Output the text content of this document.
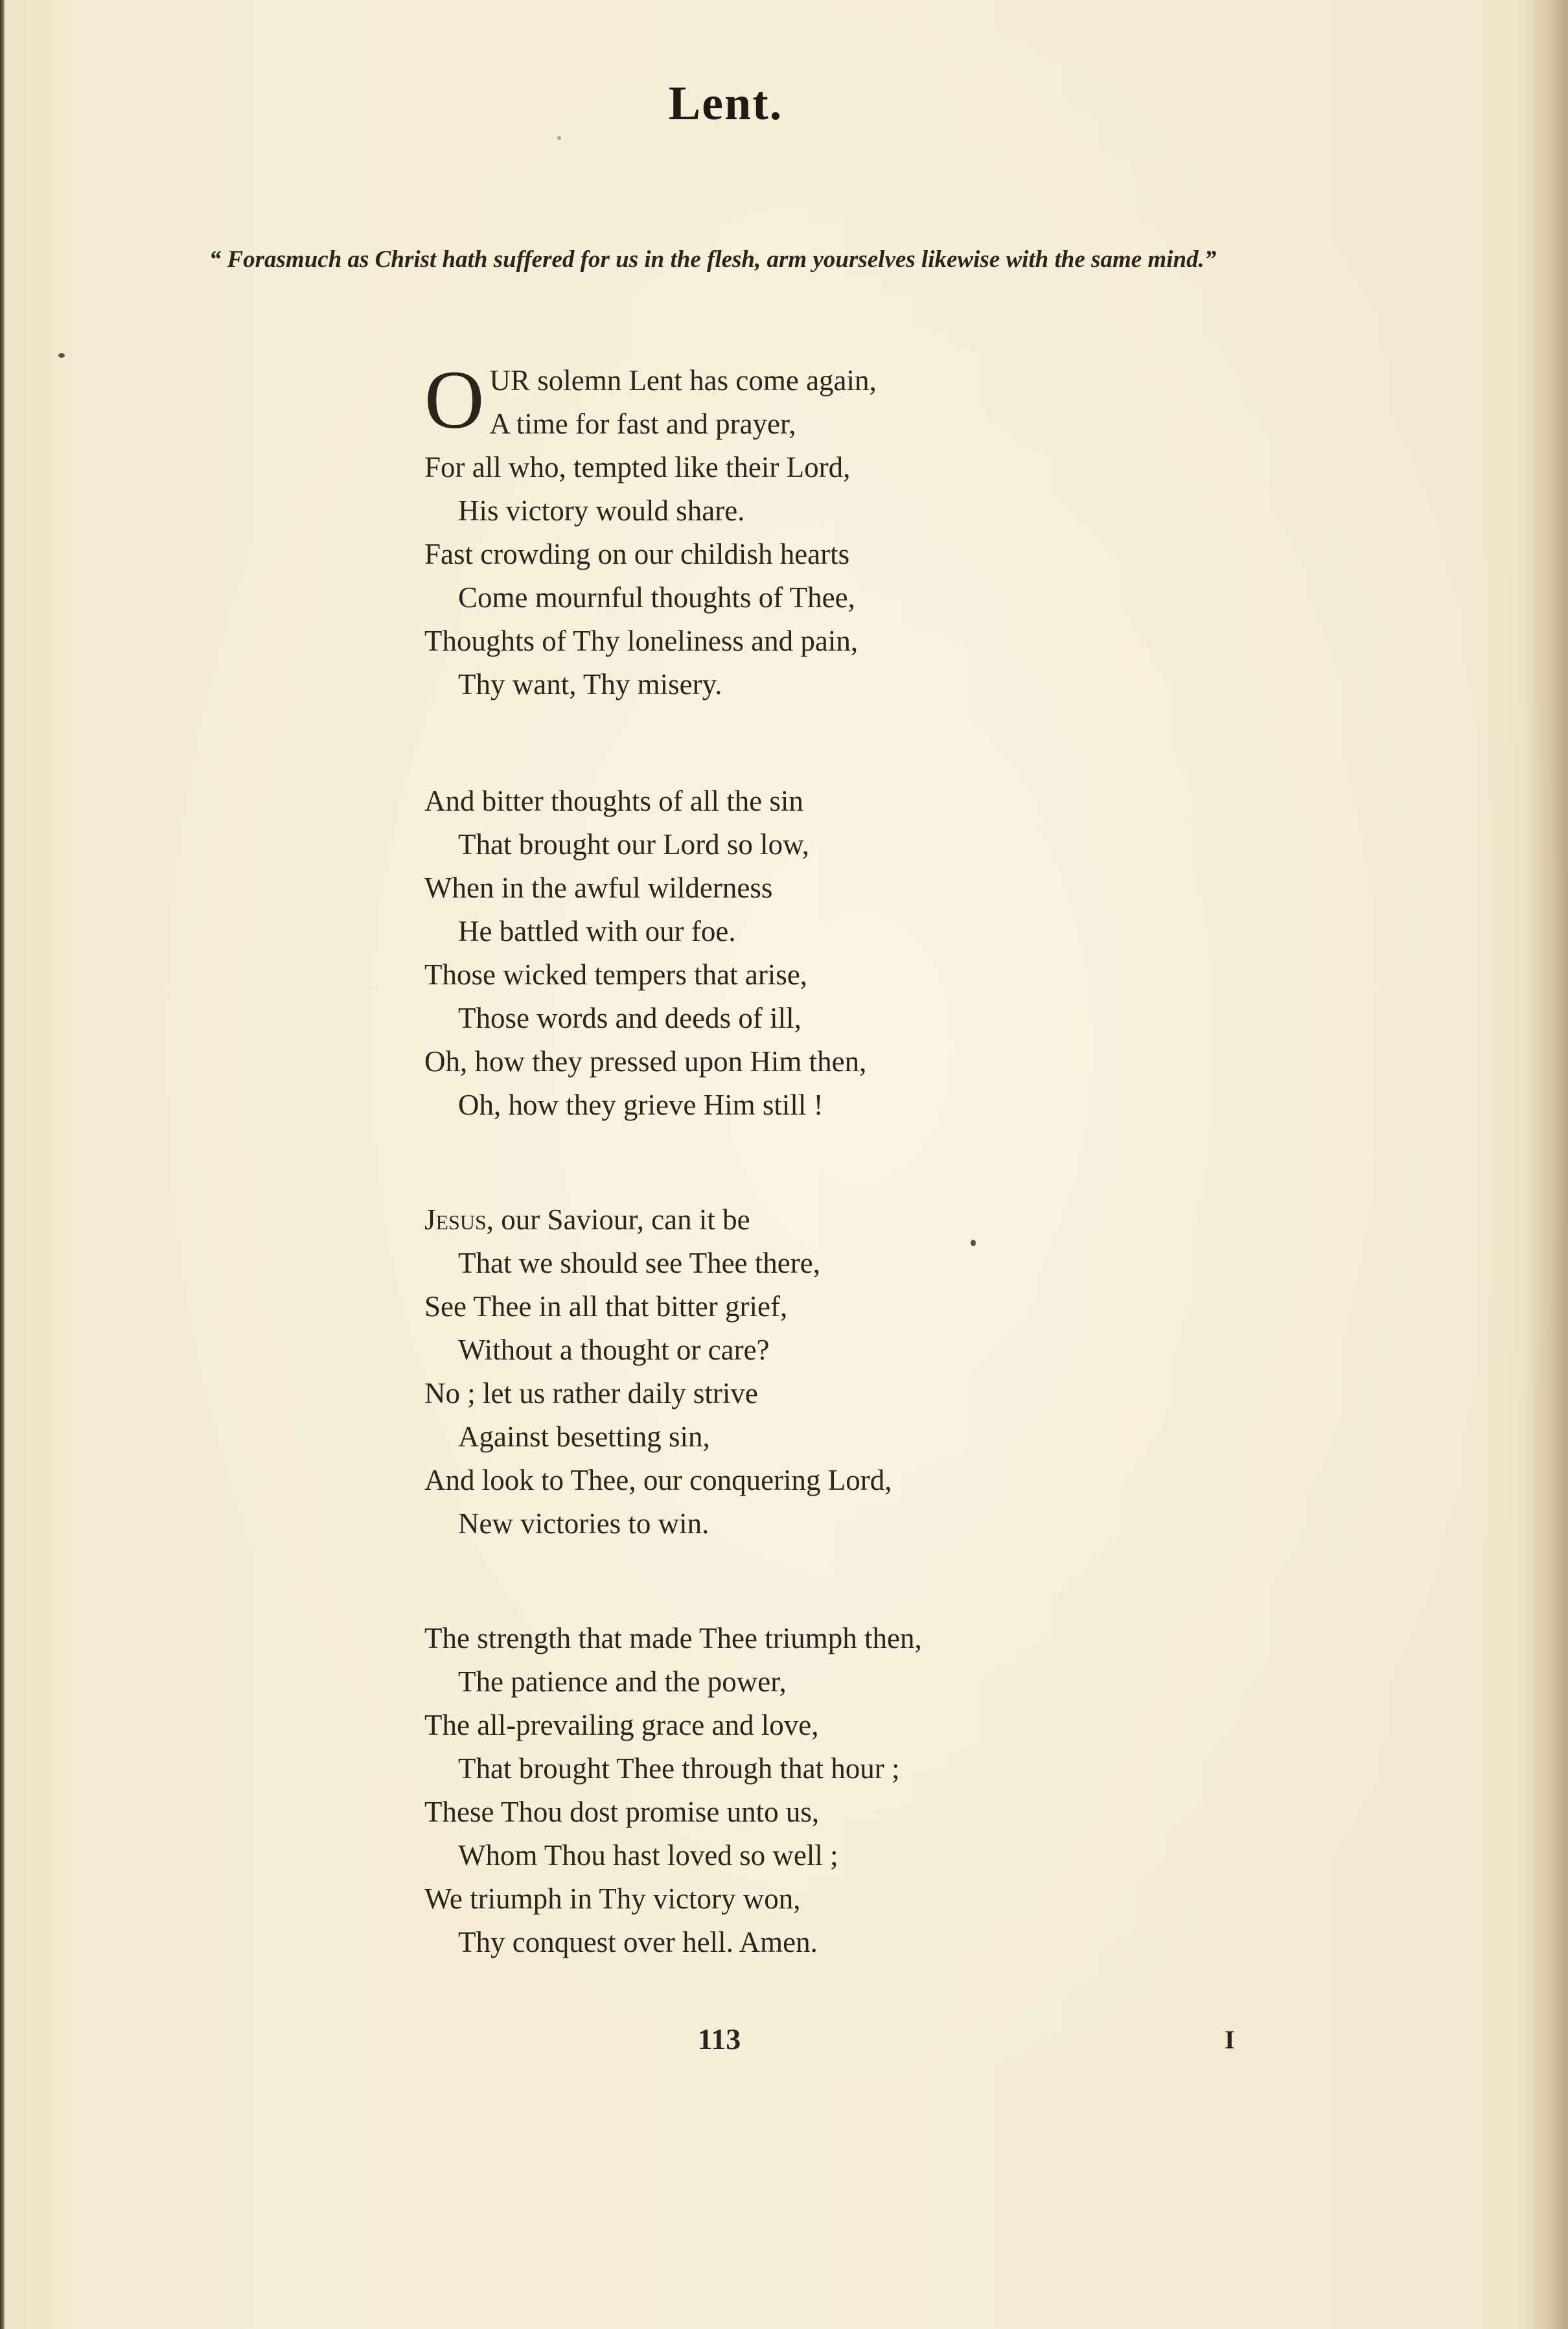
Lent.
“ Forasmuch as Christ hath suffered for us in the flesh, arm yourselves likewise with the same mind.”
O UR solemn Lent has come again,
A time for fast and prayer,
For all who, tempted like their Lord,
His victory would share.
Fast crowding on our childish hearts
Come mournful thoughts of Thee,
Thoughts of Thy loneliness and pain,
Thy want, Thy misery.
And bitter thoughts of all the sin
That brought our Lord so low,
When in the awful wilderness
He battled with our foe.
Those wicked tempers that arise,
Those words and deeds of ill,
Oh, how they pressed upon Him then,
Oh, how they grieve Him still !
Jesus, our Saviour, can it be
That we should see Thee there,
See Thee in all that bitter grief,
Without a thought or care?
No ; let us rather daily strive
Against besetting sin,
And look to Thee, our conquering Lord,
New victories to win.
The strength that made Thee triumph then,
The patience and the power,
The all-prevailing grace and love,
That brought Thee through that hour ;
These Thou dost promise unto us,
Whom Thou hast loved so well ;
We triumph in Thy victory won,
Thy conquest over hell. Amen.
113	I
